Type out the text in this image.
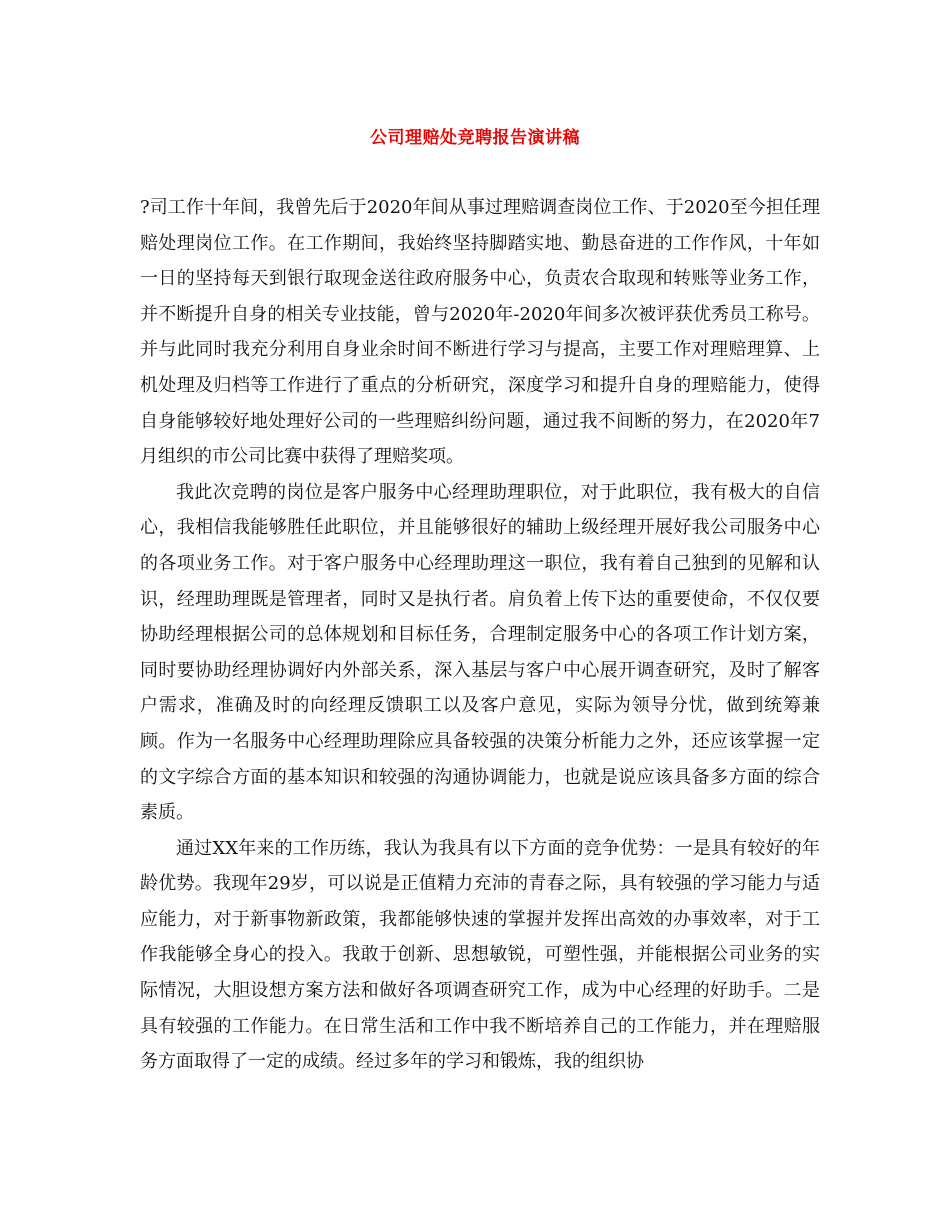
公司理赔处竞聘报告演讲稿

?司工作十年间，我曾先后于2020年间从事过理赔调查岗位工作、于2020至今担任理赔处理岗位工作。在工作期间，我始终坚持脚踏实地、勤恳奋进的工作作风，十年如一日的坚持每天到银行取现金送往政府服务中心，负责农合取现和转账等业务工作，并不断提升自身的相关专业技能，曾与2020年-2020年间多次被评获优秀员工称号。并与此同时我充分利用自身业余时间不断进行学习与提高，主要工作对理赔理算、上机处理及归档等工作进行了重点的分析研究，深度学习和提升自身的理赔能力，使得自身能够较好地处理好公司的一些理赔纠纷问题，通过我不间断的努力，在2020年7月组织的市公司比赛中获得了理赔奖项。

我此次竞聘的岗位是客户服务中心经理助理职位，对于此职位，我有极大的自信心，我相信我能够胜任此职位，并且能够很好的辅助上级经理开展好我公司服务中心的各项业务工作。对于客户服务中心经理助理这一职位，我有着自己独到的见解和认识，经理助理既是管理者，同时又是执行者。肩负着上传下达的重要使命，不仅仅要协助经理根据公司的总体规划和目标任务，合理制定服务中心的各项工作计划方案，同时要协助经理协调好内外部关系，深入基层与客户中心展开调查研究，及时了解客户需求，准确及时的向经理反馈职工以及客户意见，实际为领导分忧，做到统筹兼顾。作为一名服务中心经理助理除应具备较强的决策分析能力之外，还应该掌握一定的文字综合方面的基本知识和较强的沟通协调能力，也就是说应该具备多方面的综合素质。

通过XX年来的工作历练，我认为我具有以下方面的竞争优势：一是具有较好的年龄优势。我现年29岁，可以说是正值精力充沛的青春之际，具有较强的学习能力与适应能力，对于新事物新政策，我都能够快速的掌握并发挥出高效的办事效率，对于工作我能够全身心的投入。我敢于创新、思想敏锐，可塑性强，并能根据公司业务的实际情况，大胆设想方案方法和做好各项调查研究工作，成为中心经理的好助手。二是具有较强的工作能力。在日常生活和工作中我不断培养自己的工作能力，并在理赔服务方面取得了一定的成绩。经过多年的学习和锻炼，我的组织协
